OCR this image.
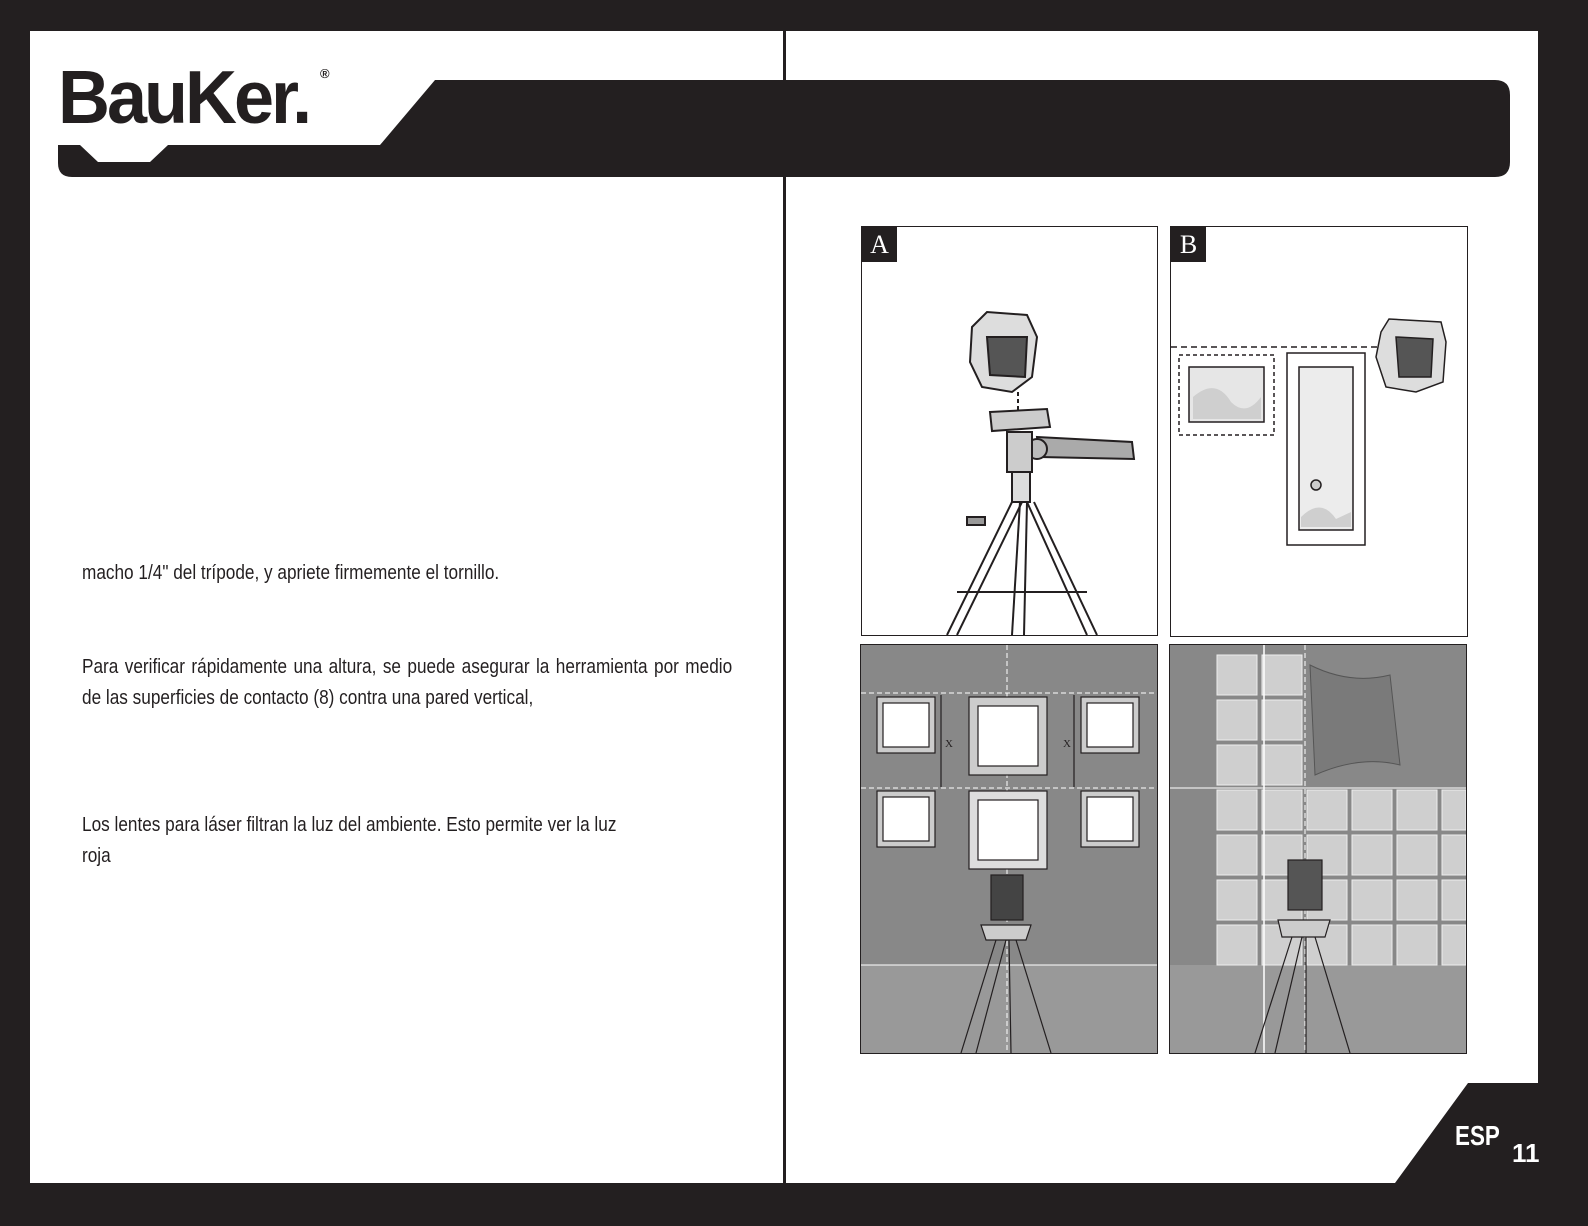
BauKer. ®
macho 1/4" del trípode, y apriete firmemente el tornillo.
Para verificar rápidamente una altura, se puede asegurar la herramienta por medio de las superficies de contacto (8) contra una pared vertical,
Los lentes para láser filtran la luz del ambiente. Esto permite ver la luz roja
A	B
X	X
ESP
11
